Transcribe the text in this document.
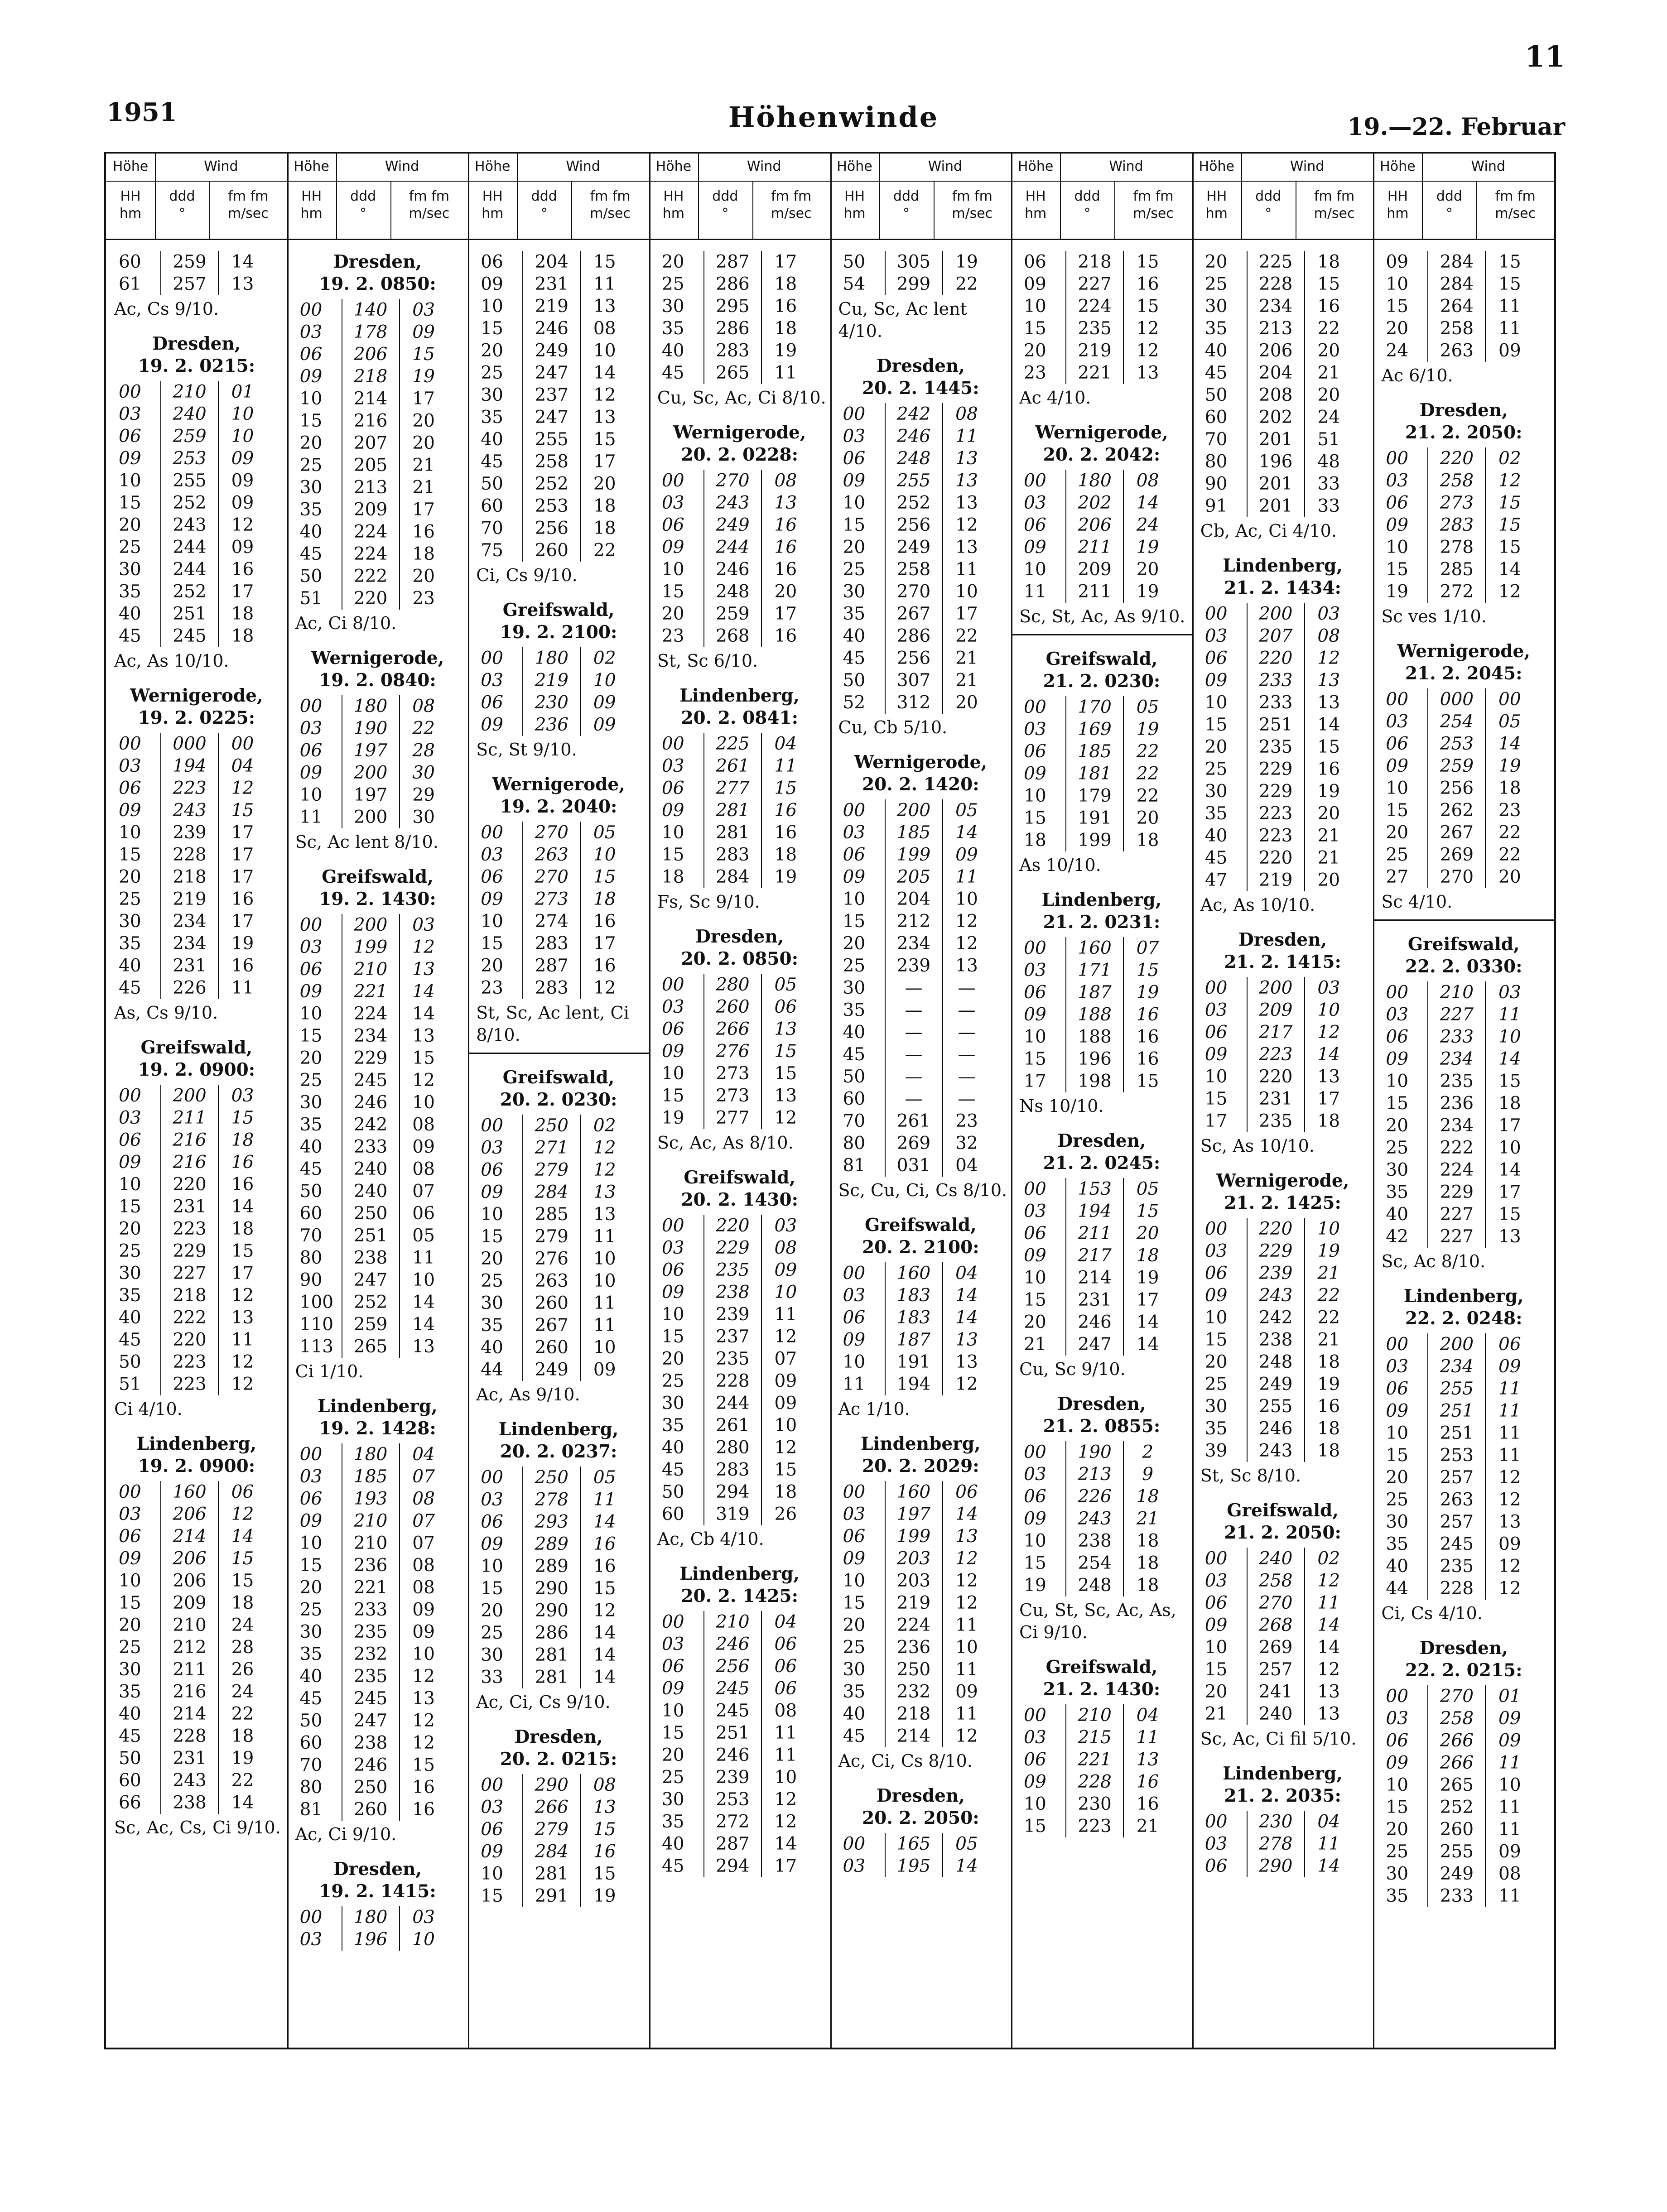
11
1951	Höhenwinde	19.—22. Februar
Höhe	Wind
HH
hm
ddd
°
fm fm
m/sec
60	259	14
61	257	13
Ac, Cs 9/10.
Dresden,
19. 2. 0215:
00	210	01
03	240	10
06	259	10
09	253	09
10	255	09
15	252	09
20	243	12
25	244	09
30	244	16
35	252	17
40	251	18
45	245	18
Ac, As 10/10.
Wernigerode,
19. 2. 0225:
00	000	00
03	194	04
06	223	12
09	243	15
10	239	17
15	228	17
20	218	17
25	219	16
30	234	17
35	234	19
40	231	16
45	226	11
As, Cs 9/10.
Greifswald,
19. 2. 0900:
00	200	03
03	211	15
06	216	18
09	216	16
10	220	16
15	231	14
20	223	18
25	229	15
30	227	17
35	218	12
40	222	13
45	220	11
50	223	12
51	223	12
Ci 4/10.
Lindenberg,
19. 2. 0900:
00	160	06
03	206	12
06	214	14
09	206	15
10	206	15
15	209	18
20	210	24
25	212	28
30	211	26
35	216	24
40	214	22
45	228	18
50	231	19
60	243	22
66	238	14
Sc, Ac, Cs, Ci 9/10.
Höhe	Wind
HH
hm
ddd
°
fm fm
m/sec
Dresden,
19. 2. 0850:
00	140	03
03	178	09
06	206	15
09	218	19
10	214	17
15	216	20
20	207	20
25	205	21
30	213	21
35	209	17
40	224	16
45	224	18
50	222	20
51	220	23
Ac, Ci 8/10.
Wernigerode,
19. 2. 0840:
00	180	08
03	190	22
06	197	28
09	200	30
10	197	29
11	200	30
Sc, Ac lent 8/10.
Greifswald,
19. 2. 1430:
00	200	03
03	199	12
06	210	13
09	221	14
10	224	14
15	234	13
20	229	15
25	245	12
30	246	10
35	242	08
40	233	09
45	240	08
50	240	07
60	250	06
70	251	05
80	238	11
90	247	10
100	252	14
110	259	14
113	265	13
Ci 1/10.
Lindenberg,
19. 2. 1428:
00	180	04
03	185	07
06	193	08
09	210	07
10	210	07
15	236	08
20	221	08
25	233	09
30	235	09
35	232	10
40	235	12
45	245	13
50	247	12
60	238	12
70	246	15
80	250	16
81	260	16
Ac, Ci 9/10.
Dresden,
19. 2. 1415:
00	180	03
03	196	10
Höhe	Wind
HH
hm
ddd
°
fm fm
m/sec
06	204	15
09	231	11
10	219	13
15	246	08
20	249	10
25	247	14
30	237	12
35	247	13
40	255	15
45	258	17
50	252	20
60	253	18
70	256	18
75	260	22
Ci, Cs 9/10.
Greifswald,
19. 2. 2100:
00	180	02
03	219	10
06	230	09
09	236	09
Sc, St 9/10.
Wernigerode,
19. 2. 2040:
00	270	05
03	263	10
06	270	15
09	273	18
10	274	16
15	283	17
20	287	16
23	283	12
St, Sc, Ac lent, Ci 8/10.
Greifswald,
20. 2. 0230:
00	250	02
03	271	12
06	279	12
09	284	13
10	285	13
15	279	11
20	276	10
25	263	10
30	260	11
35	267	11
40	260	10
44	249	09
Ac, As 9/10.
Lindenberg,
20. 2. 0237:
00	250	05
03	278	11
06	293	14
09	289	16
10	289	16
15	290	15
20	290	12
25	286	14
30	281	14
33	281	14
Ac, Ci, Cs 9/10.
Dresden,
20. 2. 0215:
00	290	08
03	266	13
06	279	15
09	284	16
10	281	15
15	291	19
Höhe	Wind
HH
hm
ddd
°
fm fm
m/sec
20	287	17
25	286	18
30	295	16
35	286	18
40	283	19
45	265	11
Cu, Sc, Ac, Ci 8/10.
Wernigerode,
20. 2. 0228:
00	270	08
03	243	13
06	249	16
09	244	16
10	246	16
15	248	20
20	259	17
23	268	16
St, Sc 6/10.
Lindenberg,
20. 2. 0841:
00	225	04
03	261	11
06	277	15
09	281	16
10	281	16
15	283	18
18	284	19
Fs, Sc 9/10.
Dresden,
20. 2. 0850:
00	280	05
03	260	06
06	266	13
09	276	15
10	273	15
15	273	13
19	277	12
Sc, Ac, As 8/10.
Greifswald,
20. 2. 1430:
00	220	03
03	229	08
06	235	09
09	238	10
10	239	11
15	237	12
20	235	07
25	228	09
30	244	09
35	261	10
40	280	12
45	283	15
50	294	18
60	319	26
Ac, Cb 4/10.
Lindenberg,
20. 2. 1425:
00	210	04
03	246	06
06	256	06
09	245	06
10	245	08
15	251	11
20	246	11
25	239	10
30	253	12
35	272	12
40	287	14
45	294	17
Höhe	Wind
HH
hm
ddd
°
fm fm
m/sec
50	305	19
54	299	22
Cu, Sc, Ac lent 4/10.
Dresden,
20. 2. 1445:
00	242	08
03	246	11
06	248	13
09	255	13
10	252	13
15	256	12
20	249	13
25	258	11
30	270	10
35	267	17
40	286	22
45	256	21
50	307	21
52	312	20
Cu, Cb 5/10.
Wernigerode,
20. 2. 1420:
00	200	05
03	185	14
06	199	09
09	205	11
10	204	10
15	212	12
20	234	12
25	239	13
30	—	—
35	—	—
40	—	—
45	—	—
50	—	—
60	—	—
70	261	23
80	269	32
81	031	04
Sc, Cu, Ci, Cs 8/10.
Greifswald,
20. 2. 2100:
00	160	04
03	183	14
06	183	14
09	187	13
10	191	13
11	194	12
Ac 1/10.
Lindenberg,
20. 2. 2029:
00	160	06
03	197	14
06	199	13
09	203	12
10	203	12
15	219	12
20	224	11
25	236	10
30	250	11
35	232	09
40	218	11
45	214	12
Ac, Ci, Cs 8/10.
Dresden,
20. 2. 2050:
00	165	05
03	195	14
Höhe	Wind
HH
hm
ddd
°
fm fm
m/sec
06	218	15
09	227	16
10	224	15
15	235	12
20	219	12
23	221	13
Ac 4/10.
Wernigerode,
20. 2. 2042:
00	180	08
03	202	14
06	206	24
09	211	19
10	209	20
11	211	19
Sc, St, Ac, As 9/10.
Greifswald,
21. 2. 0230:
00	170	05
03	169	19
06	185	22
09	181	22
10	179	22
15	191	20
18	199	18
As 10/10.
Lindenberg,
21. 2. 0231:
00	160	07
03	171	15
06	187	19
09	188	16
10	188	16
15	196	16
17	198	15
Ns 10/10.
Dresden,
21. 2. 0245:
00	153	05
03	194	15
06	211	20
09	217	18
10	214	19
15	231	17
20	246	14
21	247	14
Cu, Sc 9/10.
Dresden,
21. 2. 0855:
00	190	2
03	213	9
06	226	18
09	243	21
10	238	18
15	254	18
19	248	18
Cu, St, Sc, Ac, As, Ci 9/10.
Greifswald,
21. 2. 1430:
00	210	04
03	215	11
06	221	13
09	228	16
10	230	16
15	223	21
Höhe	Wind
HH
hm
ddd
°
fm fm
m/sec
20	225	18
25	228	15
30	234	16
35	213	22
40	206	20
45	204	21
50	208	20
60	202	24
70	201	51
80	196	48
90	201	33
91	201	33
Cb, Ac, Ci 4/10.
Lindenberg,
21. 2. 1434:
00	200	03
03	207	08
06	220	12
09	233	13
10	233	13
15	251	14
20	235	15
25	229	16
30	229	19
35	223	20
40	223	21
45	220	21
47	219	20
Ac, As 10/10.
Dresden,
21. 2. 1415:
00	200	03
03	209	10
06	217	12
09	223	14
10	220	13
15	231	17
17	235	18
Sc, As 10/10.
Wernigerode,
21. 2. 1425:
00	220	10
03	229	19
06	239	21
09	243	22
10	242	22
15	238	21
20	248	18
25	249	19
30	255	16
35	246	18
39	243	18
St, Sc 8/10.
Greifswald,
21. 2. 2050:
00	240	02
03	258	12
06	270	11
09	268	14
10	269	14
15	257	12
20	241	13
21	240	13
Sc, Ac, Ci fil 5/10.
Lindenberg,
21. 2. 2035:
00	230	04
03	278	11
06	290	14
Höhe	Wind
HH
hm
ddd
°
fm fm
m/sec
09	284	15
10	284	15
15	264	11
20	258	11
24	263	09
Ac 6/10.
Dresden,
21. 2. 2050:
00	220	02
03	258	12
06	273	15
09	283	15
10	278	15
15	285	14
19	272	12
Sc ves 1/10.
Wernigerode,
21. 2. 2045:
00	000	00
03	254	05
06	253	14
09	259	19
10	256	18
15	262	23
20	267	22
25	269	22
27	270	20
Sc 4/10.
Greifswald,
22. 2. 0330:
00	210	03
03	227	11
06	233	10
09	234	14
10	235	15
15	236	18
20	234	17
25	222	10
30	224	14
35	229	17
40	227	15
42	227	13
Sc, Ac 8/10.
Lindenberg,
22. 2. 0248:
00	200	06
03	234	09
06	255	11
09	251	11
10	251	11
15	253	11
20	257	12
25	263	12
30	257	13
35	245	09
40	235	12
44	228	12
Ci, Cs 4/10.
Dresden,
22. 2. 0215:
00	270	01
03	258	09
06	266	09
09	266	11
10	265	10
15	252	11
20	260	11
25	255	09
30	249	08
35	233	11
